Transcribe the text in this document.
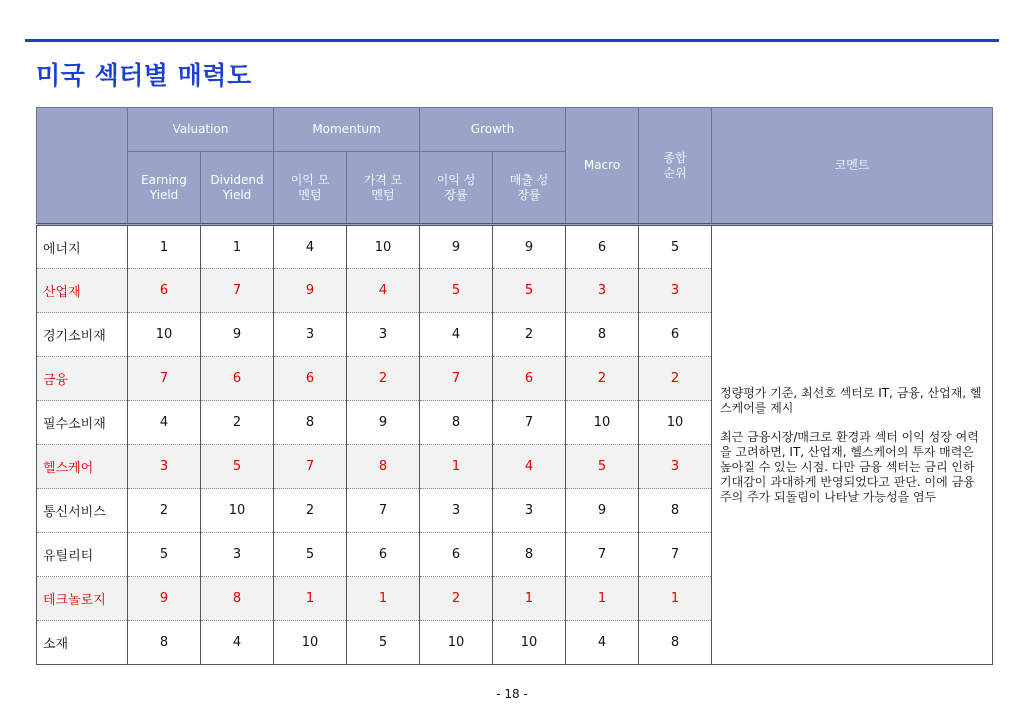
미국 섹터별 매력도
	Valuation		Momentum		Growth		Macro	종합 순위	코멘트
	Earning Yield	Dividend Yield	이익 모멘텀	가격 모멘텀	이익 성장률	매출 성장률			
에너지	1	1	4	10	9	9	6	5	정량평가 기준, 최선호 섹터로 IT, 금융, 산업재, 헬스케어를 제시

최근 금융시장/매크로 환경과 섹터 이익 성장 여력을 고려하면, IT, 산업재, 헬스케어의 투자 매력은 높아질 수 있는 시점. 다만 금융 섹터는 금리 인하 기대감이 과대하게 반영되었다고 판단. 이에 금융주의 주가 되돌림이 나타날 가능성을 염두

산업재	6	7	9	4	5	5	3	3	
경기소비재	10	9	3	3	4	2	8	6	
금융	7	6	6	2	7	6	2	2	
필수소비재	4	2	8	9	8	7	10	10	
헬스케어	3	5	7	8	1	4	5	3	
통신서비스	2	10	2	7	3	3	9	8	
유틸리티	5	3	5	6	6	8	7	7	
테크놀로지	9	8	1	1	2	1	1	1	
소재	8	4	10	5	10	10	4	8	
- 18 -
